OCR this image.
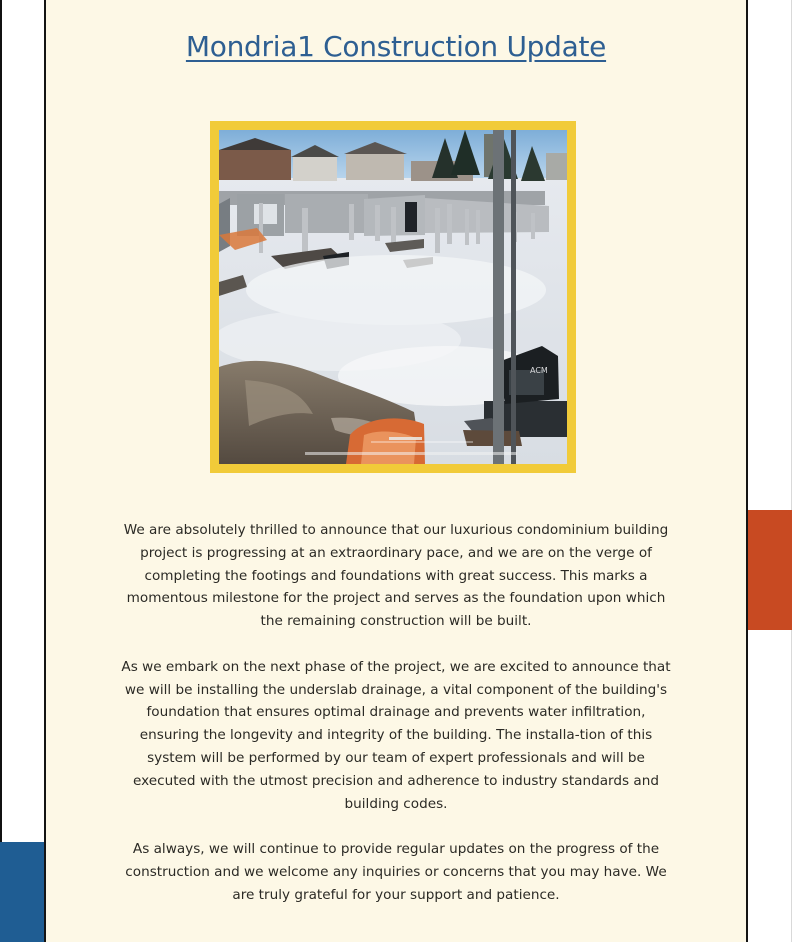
Mondria1 Construction Update
ACM

We are absolutely thrilled to announce that our luxurious condominium building project is progressing at an extraordinary pace, and we are on the verge of completing the footings and foundations with great success. This marks a momentous milestone for the project and serves as the foundation upon which the remaining construction will be built.

As we embark on the next phase of the project, we are excited to announce that we will be installing the underslab drainage, a vital component of the building's foundation that ensures optimal drainage and prevents water infiltration, ensuring the longevity and integrity of the building. The installa-tion of this system will be performed by our team of expert professionals and will be executed with the utmost precision and adherence to industry standards and building codes.

As always, we will continue to provide regular updates on the progress of the construction and we welcome any inquiries or concerns that you may have. We are truly grateful for your support and patience.
